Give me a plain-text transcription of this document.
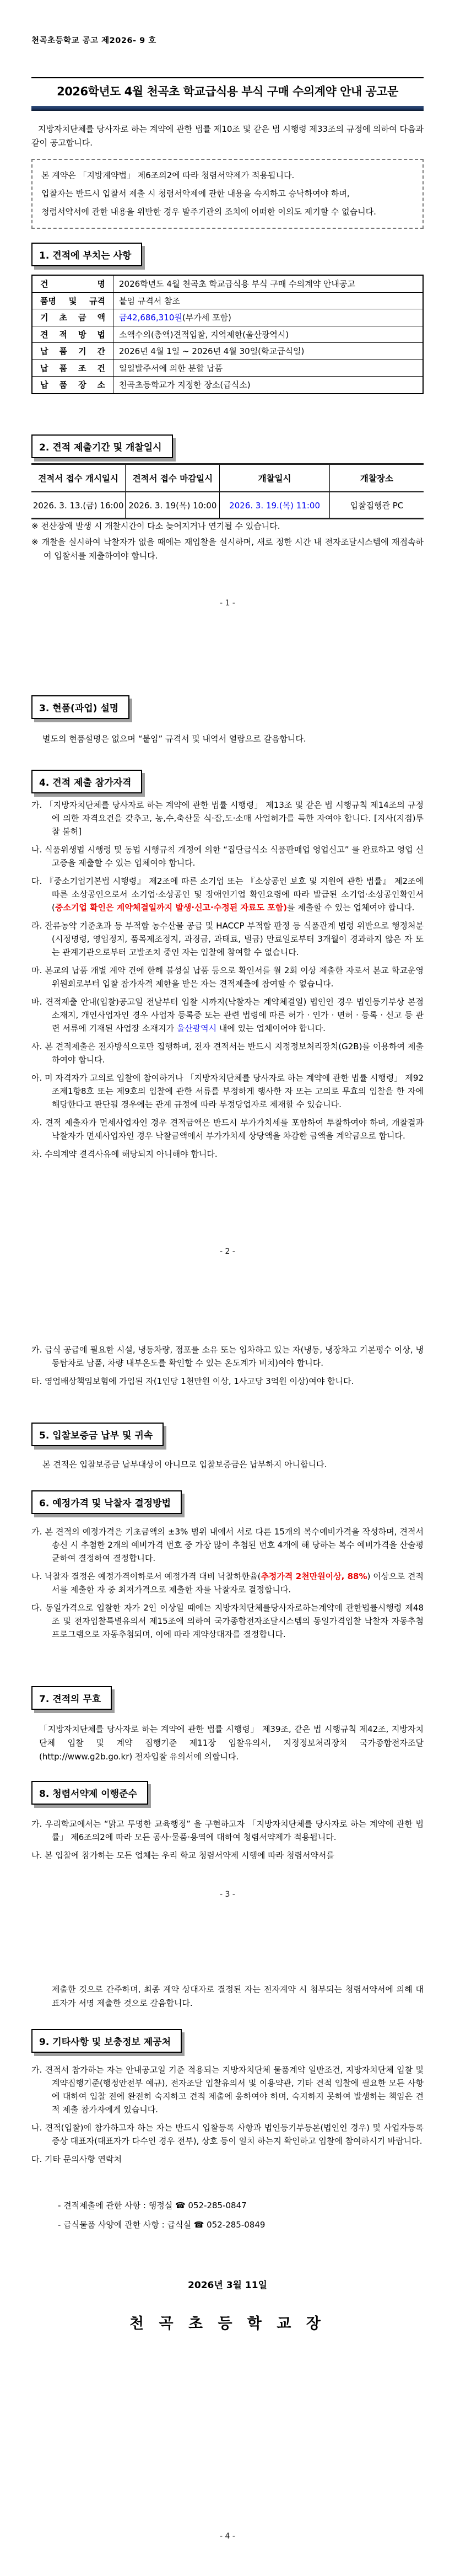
천곡초등학교 공고 제2026- 9 호
2026학년도 4월 천곡초 학교급식용 부식 구매 수의계약 안내 공고문
지방자치단체를 당사자로 하는 계약에 관한 법률 제10조 및 같은 법 시행령 제33조의 규정에 의하여 다음과 같이 공고합니다.
본 계약은 「지방계약법」 제6조의2에 따라 청렴서약제가 적용됩니다.
입찰자는 반드시 입찰서 제출 시 청렴서약제에 관한 내용을 숙지하고 승낙하여야 하며,
청렴서약서에 관한 내용을 위반한 경우 발주기관의 조치에 어떠한 이의도 제기할 수 없습니다.
1. 견적에 부치는 사항
건 명	2026학년도 4월 천곡초 학교급식용 부식 구매 수의계약 안내공고
품명 및 규격	붙임 규격서 참조
기 초 금 액	금42,686,310원(부가세 포함)
견 적 방 법	소액수의(총액)견적입찰, 지역제한(울산광역시)
납 품 기 간	2026년 4월 1일 ~ 2026년 4월 30일(학교급식일)
납 품 조 건	일일발주서에 의한 분할 납품
납 품 장 소	천곡초등학교가 지정한 장소(급식소)
2. 견적 제출기간 및 개찰일시
견적서 접수 개시일시	견적서 접수 마감일시	개찰일시	개찰장소
2026. 3. 13.(금) 16:00	2026. 3. 19(목) 10:00	2026. 3. 19.(목) 11:00	입찰집행관 PC

※ 전산장애 발생 시 개찰시간이 다소 늦어지거나 연기될 수 있습니다.

※ 개찰을 실시하여 낙찰자가 없을 때에는 재입찰을 실시하며, 새로 정한 시간 내 전자조달시스템에 재접속하여 입찰서를 제출하여야 합니다.

- 1 -
3. 현품(과업) 설명
별도의 현품설명은 없으며 “붙임” 규격서 및 내역서 열람으로 갈음합니다.
4. 견적 제출 참가자격

가. 「지방자치단체를 당사자로 하는 계약에 관한 법률 시행령」 제13조 및 같은 법 시행규칙 제14조의 규정에 의한 자격요건을 갖추고, 농,수,축산물 식·잡,도·소매 사업허가를 득한 자여야 합니다. [지사(지점)투찰 불허]

나. 식품위생법 시행령 및 동법 시행규칙 개정에 의한 “집단급식소 식품판매업 영업신고” 를 완료하고 영업 신고증을 제출할 수 있는 업체여야 합니다.

다. 『중소기업기본법 시행령』 제2조에 따른 소기업 또는 『소상공인 보호 및 지원에 관한 법률』 제2조에 따른 소상공인으로서 소기업·소상공인 및 장애인기업 확인요령에 따라 발급된 소기업·소상공인확인서(중소기업 확인은 계약체결일까지 발생·신고·수정된 자료도 포함)를 제출할 수 있는 업체여야 합니다.

라. 잔류농약 기준초과 등 부적합 농수산물 공급 및 HACCP 부적합 판정 등 식품관계 법령 위반으로 행정처분(시정명령, 영업정지, 품목제조정지, 과징금, 과태료, 벌금) 만료일로부터 3개월이 경과하지 않은 자 또는 관계기관으로부터 고발조치 중인 자는 입찰에 참여할 수 없습니다.

마. 본교의 납품 개별 계약 건에 한해 불성실 납품 등으로 확인서를 월 2회 이상 제출한 자로서 본교 학교운영위원회로부터 입찰 참가자격 제한을 받은 자는 견적제출에 참여할 수 없습니다.

바. 견적제출 안내(입찰)공고일 전날부터 입찰 시까지(낙찰자는 계약체결일) 법인인 경우 법인등기부상 본점소재지, 개인사업자인 경우 사업자 등록증 또는 관련 법령에 따른 허가 · 인가 · 면허 · 등록 · 신고 등 관련 서류에 기재된 사업장 소재지가 울산광역시 내에 있는 업체이어야 합니다.

사. 본 견적제출은 전자방식으로만 집행하며, 전자 견적서는 반드시 지정정보처리장치(G2B)를 이용하여 제출하여야 합니다.

아. 미 자격자가 고의로 입찰에 참여하거나 「지방자치단체를 당사자로 하는 계약에 관한 법률 시행령」 제92조제1항8호 또는 제9호의 입찰에 관한 서류를 부정하게 행사한 자 또는 고의로 무효의 입찰을 한 자에 해당한다고 판단될 경우에는 관계 규정에 따라 부정당업자로 제재할 수 있습니다.

자. 견적 제출자가 면세사업자인 경우 견적금액은 반드시 부가가치세를 포함하여 투찰하여야 하며, 개찰결과 낙찰자가 면세사업자인 경우 낙찰금액에서 부가가치세 상당액을 차감한 금액을 계약금으로 합니다.

차. 수의계약 결격사유에 해당되지 아니해야 합니다.

- 2 -

카. 급식 공급에 필요한 시설, 냉동차량, 점포를 소유 또는 임차하고 있는 자(냉동, 냉장차고 기본평수 이상, 냉동탑차로 납품, 차량 내부온도를 확인할 수 있는 온도계가 비치)여야 합니다.

타. 영업배상책임보험에 가입된 자(1인당 1천만원 이상, 1사고당 3억원 이상)여야 합니다.

5. 입찰보증금 납부 및 귀속
본 견적은 입찰보증금 납부대상이 아니므로 입찰보증금은 납부하지 아니합니다.
6. 예정가격 및 낙찰자 결정방법

가. 본 견적의 예정가격은 기초금액의 ±3% 범위 내에서 서로 다른 15개의 복수예비가격을 작성하며, 견적서 송신 시 추첨한 2개의 예비가격 번호 중 가장 많이 추첨된 번호 4개에 해 당하는 복수 예비가격을 산술평균하여 결정하여 결정합니다.

나. 낙찰자 결정은 예정가격이하로서 예정가격 대비 낙찰하한율(추정가격 2천만원이상, 88%) 이상으로 견적서를 제출한 자 중 최저가격으로 제출한 자를 낙찰자로 결정합니다.

다. 동일가격으로 입찰한 자가 2인 이상일 때에는 지방자치단체를당사자로하는계약에 관한법률시행령 제48조 및 전자입찰특별유의서 제15조에 의하여 국가종합전자조달시스템의 동일가격입찰 낙찰자 자동추첨프로그램으로 자동추첨되며, 이에 따라 계약상대자를 결정합니다.

7. 견적의 무효
「지방자치단체를 당사자로 하는 계약에 관한 법률 시행령」 제39조, 같은 법 시행규칙 제42조, 지방자치단체 입찰 및 계약 집행기준 제11장 입찰유의서, 지정정보처리장치 국가종합전자조달(http://www.g2b.go.kr) 전자입찰 유의서에 의합니다.
8. 청렴서약제 이행준수

가. 우리학교에서는 “맑고 투명한 교육행정” 을 구현하고자 「지방자치단체를 당사자로 하는 계약에 관한 법률」 제6조의2에 따라 모든 공사·물품·용역에 대하여 청렴서약제가 적용됩니다.

나. 본 입찰에 참가하는 모든 업체는 우리 학교 청렴서약제 시행에 따라 청렴서약서를

- 3 -
제출한 것으로 간주하며, 최종 계약 상대자로 결정된 자는 전자계약 시 첨부되는 청렴서약서에 의해 대표자가 서명 제출한 것으로 갈음합니다.
9. 기타사항 및 보충정보 제공처

가. 견적서 참가하는 자는 안내공고일 기준 적용되는 지방자치단체 물품계약 일반조건, 지방자치단체 입찰 및 계약집행기준(행정안전부 예규), 전자조달 입찰유의서 및 이용약관, 기타 견적 입찰에 필요한 모든 사항에 대하여 입찰 전에 완전히 숙지하고 견적 제출에 응하여야 하며, 숙지하지 못하여 발생하는 책임은 견적 제출 참가자에게 있습니다.

나. 견적(입찰)에 참가하고자 하는 자는 반드시 입찰등록 사항과 법인등기부등본(법인인 경우) 및 사업자등록증상 대표자(대표자가 다수인 경우 전부), 상호 등이 일치 하는지 확인하고 입찰에 참여하시기 바랍니다.

다. 기타 문의사항 연락처

- 견적제출에 관한 사항 : 행정실 ☎ 052-285-0847

- 급식물품 사양에 관한 사항 : 급식실 ☎ 052-285-0849

2026년 3월 11일
천 곡 초 등 학 교 장
- 4 -
